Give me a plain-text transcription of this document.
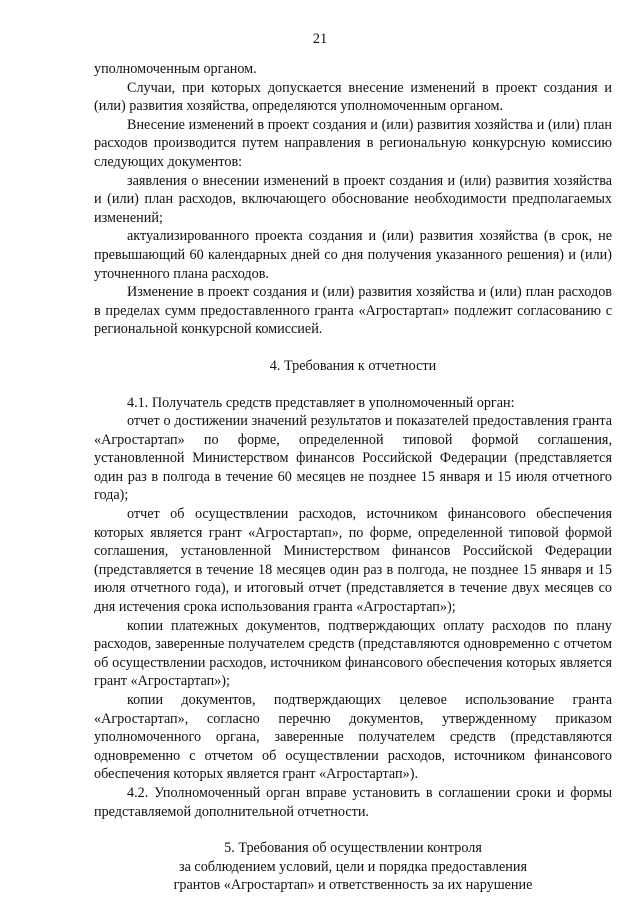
21

уполномоченным органом.

Случаи, при которых допускается внесение изменений в проект создания и (или) развития хозяйства, определяются уполномоченным органом.

Внесение изменений в проект создания и (или) развития хозяйства и (или) план расходов производится путем направления в региональную конкурсную комиссию следующих документов:

заявления о внесении изменений в проект создания и (или) развития хозяйства и (или) план расходов, включающего обоснование необходимости предполагаемых изменений;

актуализированного проекта создания и (или) развития хозяйства (в срок, не превышающий 60 календарных дней со дня получения указанного решения) и (или) уточненного плана расходов.

Изменение в проект создания и (или) развития хозяйства и (или) план расходов в пределах сумм предоставленного гранта «Агростартап» подлежит согласованию с региональной конкурсной комиссией.

4. Требования к отчетности

4.1. Получатель средств представляет в уполномоченный орган:

отчет о достижении значений результатов и показателей предоставления гранта «Агростартап» по форме, определенной типовой формой соглашения, установленной Министерством финансов Российской Федерации (представляется один раз в полгода в течение 60 месяцев не позднее 15 января и 15 июля отчетного года);

отчет об осуществлении расходов, источником финансового обеспечения которых является грант «Агростартап», по форме, определенной типовой формой соглашения, установленной Министерством финансов Российской Федерации (представляется в течение 18 месяцев один раз в полгода, не позднее 15 января и 15 июля отчетного года), и итоговый отчет (представляется в течение двух месяцев со дня истечения срока использования гранта «Агростартап»);

копии платежных документов, подтверждающих оплату расходов по плану расходов, заверенные получателем средств (представляются одновременно с отчетом об осуществлении расходов, источником финансового обеспечения которых является грант «Агростартап»);

копии документов, подтверждающих целевое использование гранта «Агростартап», согласно перечню документов, утвержденному приказом уполномоченного органа, заверенные получателем средств (представляются одновременно с отчетом об осуществлении расходов, источником финансового обеспечения которых является грант «Агростартап»).

4.2. Уполномоченный орган вправе установить в соглашении сроки и формы представляемой дополнительной отчетности.

5. Требования об осуществлении контроля

за соблюдением условий, цели и порядка предоставления

грантов «Агростартап» и ответственность за их нарушение
